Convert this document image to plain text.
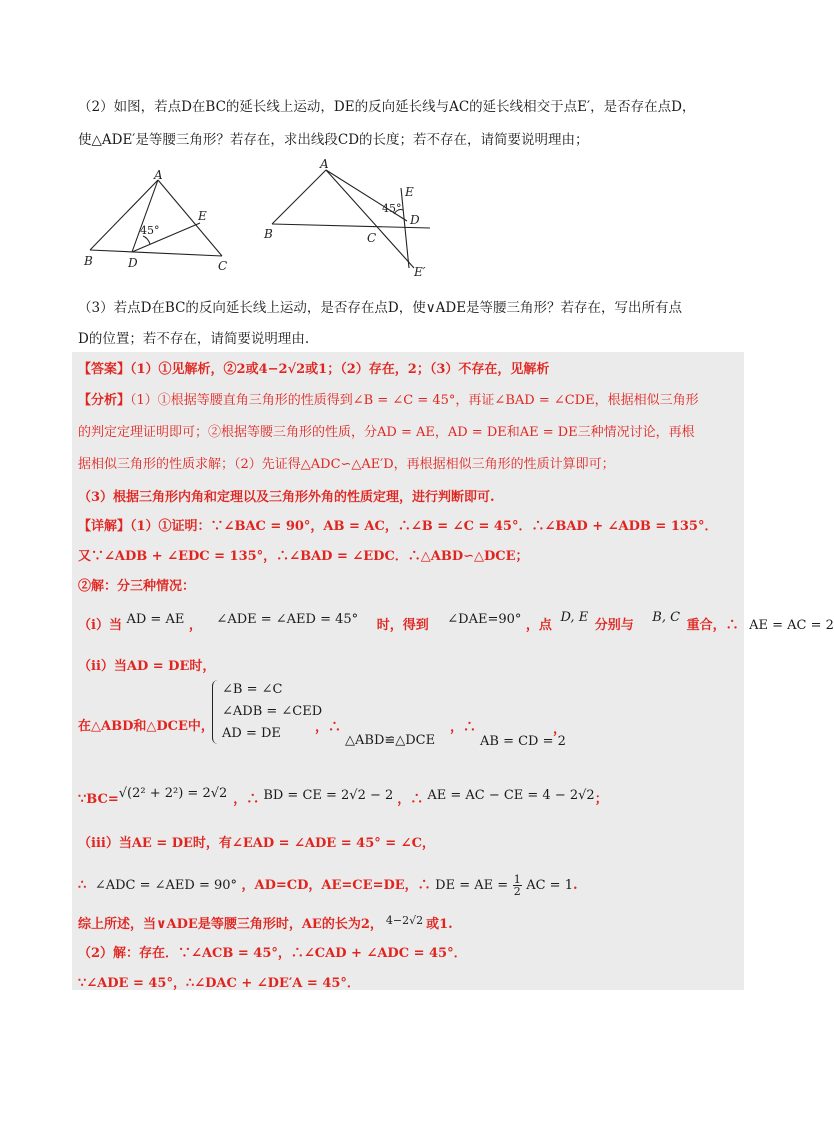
（2）如图，若点D在BC的延长线上运动，DE的反向延长线与AC的延长线相交于点E′，是否存在点D，
使△ADE′是等腰三角形？若存在，求出线段CD的长度；若不存在，请简要说明理由；
A
B	C
D
E
45°
A
B	C
D
E
E′
45°
（3）若点D在BC的反向延长线上运动，是否存在点D，使∨ADE是等腰三角形？若存在，写出所有点
D的位置；若不存在，请简要说明理由.
【答案】（1）①见解析，②2或4−2√2或1；（2）存在，2；（3）不存在，见解析
【分析】（1）①根据等腰直角三角形的性质得到∠B = ∠C = 45°，再证∠BAD = ∠CDE，根据相似三角形
的判定定理证明即可；②根据等腰三角形的性质，分AD = AE，AD = DE和AE = DE三种情况讨论，再根
据相似三角形的性质求解；（2）先证得△ADC∽△AE′D，再根据相似三角形的性质计算即可；
（3）根据三角形内角和定理以及三角形外角的性质定理，进行判断即可.
【详解】（1）①证明：∵∠BAC = 90°，AB = AC，∴∠B = ∠C = 45°．∴∠BAD + ∠ADB = 135°．
又∵∠ADB + ∠EDC = 135°，∴∠BAD = ∠EDC．∴△ABD∽△DCE；
②解：分三种情况：
（i）当 AD = AE ， ∠ADE = ∠AED = 45° 时，得到 ∠DAE=90° ，点 D, E 分别与 B, C 重合，∴ AE = AC = 2
（ii）当AD = DE时，
在△ABD和△DCE中，
∠B = ∠C
∠ADB = ∠CED
AD = DE	，∴
△ABD≌△DCE
，∴
AB = CD = 2
，
∵BC=√(2² + 2²) = 2√2 ，∴ BD = CE = 2√2 − 2 ，∴ AE = AC − CE = 4 − 2√2；
（iii）当AE = DE时，有∠EAD = ∠ADE = 45° = ∠C，
∴ ∠ADC = ∠AED = 90° ，AD=CD，AE=CE=DE，∴ DE = AE = $\frac{1}{2}$ AC = 1.
综上所述，当∨ADE是等腰三角形时，AE的长为2， $^{4-2√2}$ 或1.
（2）解：存在．∵∠ACB = 45°，∴∠CAD + ∠ADC = 45°．
∵∠ADE = 45°，∴∠DAC + ∠DE′A = 45°．
